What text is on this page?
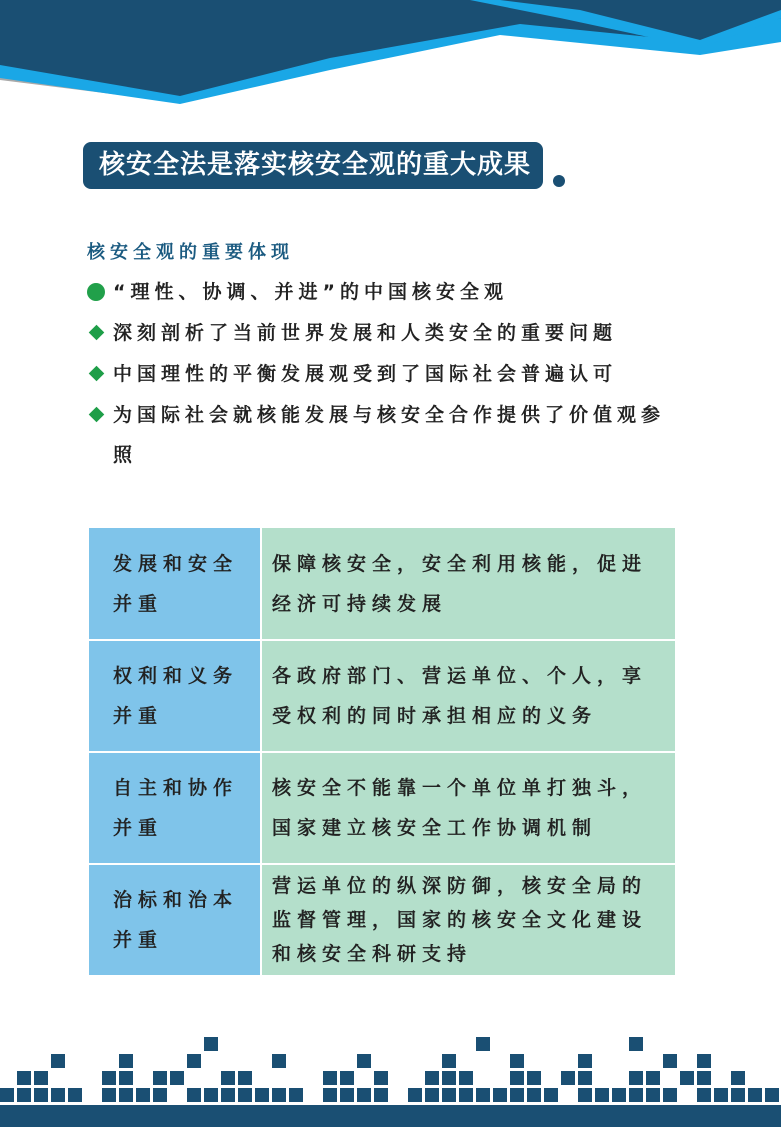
核安全法是落实核安全观的重大成果
核安全观的重要体现
“理性、协调、并进”的中国核安全观
深刻剖析了当前世界发展和人类安全的重要问题
中国理性的平衡发展观受到了国际社会普遍认可
为国际社会就核能发展与核安全合作提供了价值观参照
发展和安全并重	保障核安全，安全利用核能，促进经济可持续发展
权利和义务并重	各政府部门、营运单位、个人，享受权利的同时承担相应的义务
自主和协作并重	核安全不能靠一个单位单打独斗，国家建立核安全工作协调机制
治标和治本并重	营运单位的纵深防御，核安全局的监督管理，国家的核安全文化建设和核安全科研支持
